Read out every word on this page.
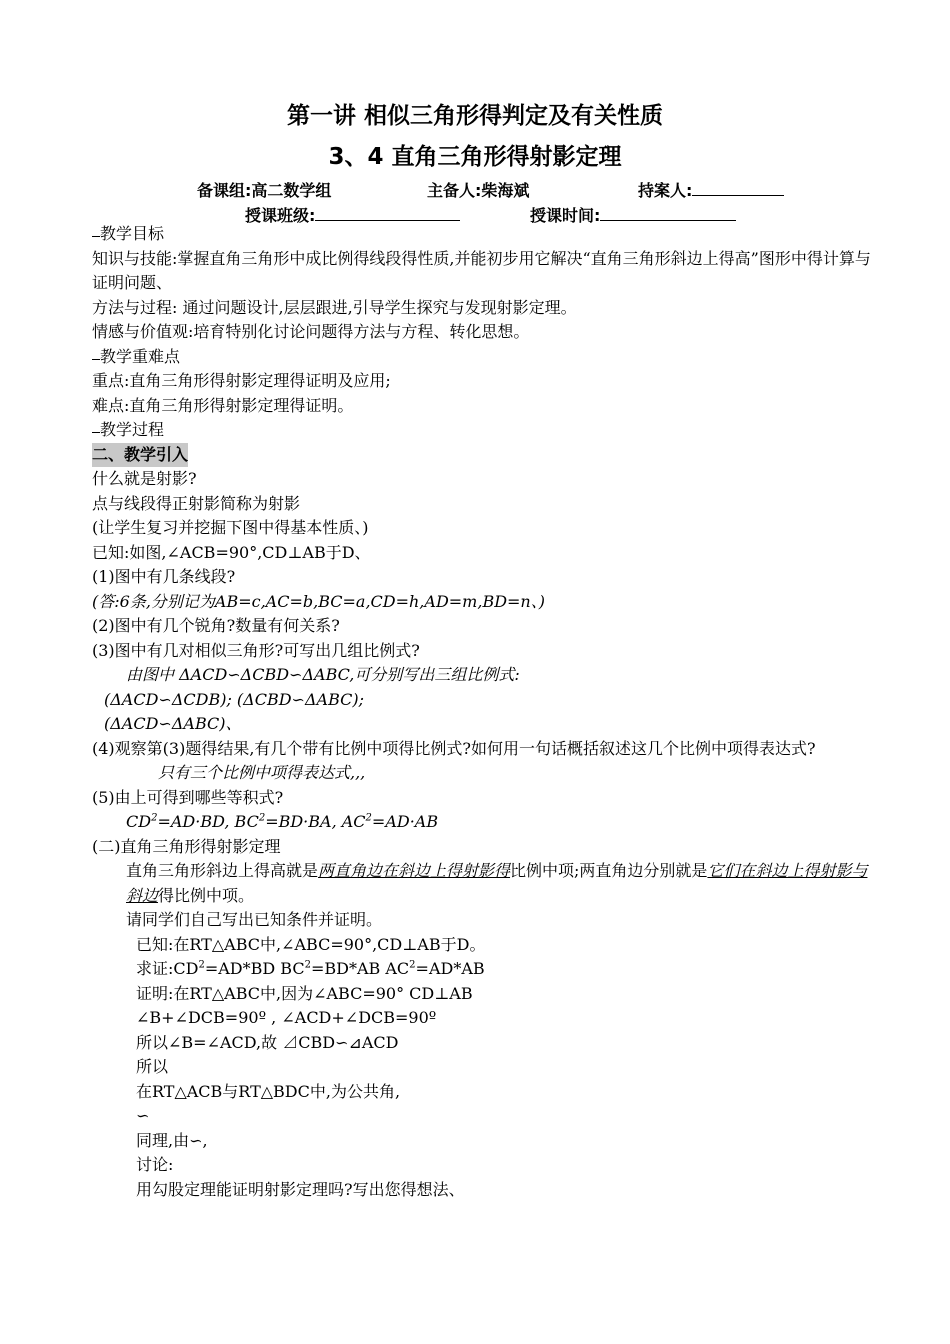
第一讲 相似三角形得判定及有关性质
3、4 直角三角形得射影定理
备课组:高二数学组	主备人:柴海斌	持案人:
授课班级:	授课时间:

教学目标

知识与技能:掌握直角三角形中成比例得线段得性质,并能初步用它解决“直角三角形斜边上得高”图形中得计算与证明问题、

方法与过程: 通过问题设计,层层跟进,引导学生探究与发现射影定理。

情感与价值观:培育特别化讨论问题得方法与方程、转化思想。

教学重难点

重点:直角三角形得射影定理得证明及应用;

难点:直角三角形得射影定理得证明。

教学过程

二、教学引入

什么就是射影?

点与线段得正射影简称为射影

(让学生复习并挖掘下图中得基本性质、)

已知:如图,∠ACB=90°,CD⊥AB于D、

(1)图中有几条线段?

(答:6条,分别记为AB=c,AC=b,BC=a,CD=h,AD=m,BD=n、)

(2)图中有几个锐角?数量有何关系?

(3)图中有几对相似三角形?可写出几组比例式?

由图中 ΔACD∽ΔCBD∽ΔABC,可分别写出三组比例式:

(ΔACD∽ΔCDB); (ΔCBD∽ΔABC);

(ΔACD∽ΔABC)、

(4)观察第(3)题得结果,有几个带有比例中项得比例式?如何用一句话概括叙述这几个比例中项得表达式?

只有三个比例中项得表达式,,,

(5)由上可得到哪些等积式?

$CD^2=AD\cdot BD$, $BC^2=BD\cdot BA$, $AC^2=AD\cdot AB$

(二)直角三角形得射影定理

直角三角形斜边上得高就是两直角边在斜边上得射影得比例中项;两直角边分别就是它们在斜边上得射影与斜边得比例中项。

请同学们自己写出已知条件并证明。

已知:在RT△ABC中,∠ABC=90°,CD⊥AB于D。

求证$:CD^2=AD*BD$ $BC^2=BD*AB$ $AC^2=AD*AB$

证明:在RT△ABC中,因为∠ABC=90° CD⊥AB

∠B+∠DCB=90º , ∠ACD+∠DCB=90º

所以∠B=∠ACD,故 ⊿CBD∽⊿ACD

所以

在RT△ACB与RT△BDC中,为公共角,

∽

同理,由∽,

讨论:

用勾股定理能证明射影定理吗?写出您得想法、
